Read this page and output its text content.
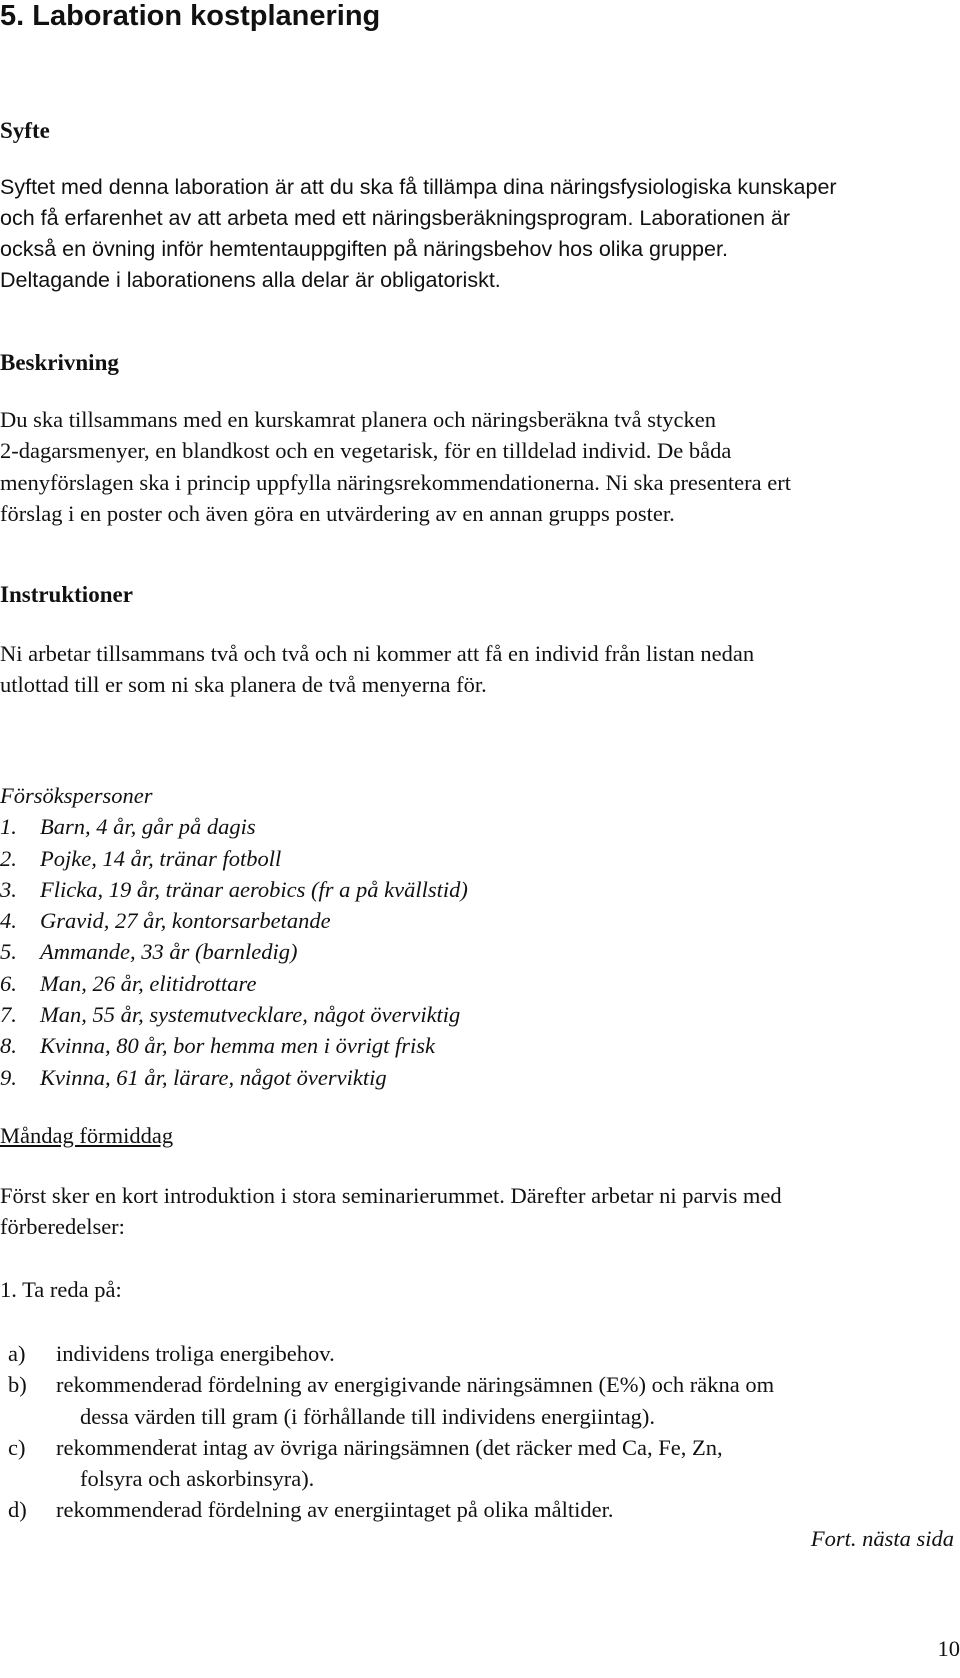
5. Laboration kostplanering
Syfte
Syftet med denna laboration är att du ska få tillämpa dina näringsfysiologiska kunskaper
och få erfarenhet av att arbeta med ett näringsberäkningsprogram. Laborationen är
också en övning inför hemtentauppgiften på näringsbehov hos olika grupper.
Deltagande i laborationens alla delar är obligatoriskt.
Beskrivning
Du ska tillsammans med en kurskamrat planera och näringsberäkna två stycken
2-dagarsmenyer, en blandkost och en vegetarisk, för en tilldelad individ. De båda
menyförslagen ska i princip uppfylla näringsrekommendationerna. Ni ska presentera ert
förslag i en poster och även göra en utvärdering av en annan grupps poster.
Instruktioner
Ni arbetar tillsammans två och två och ni kommer att få en individ från listan nedan
utlottad till er som ni ska planera de två menyerna för.
Försökspersoner
1. Barn, 4 år, går på dagis
2. Pojke, 14 år, tränar fotboll
3. Flicka, 19 år, tränar aerobics (fr a på kvällstid)
4. Gravid, 27 år, kontorsarbetande
5. Ammande, 33 år (barnledig)
6. Man, 26 år, elitidrottare
7. Man, 55 år, systemutvecklare, något överviktig
8. Kvinna, 80 år, bor hemma men i övrigt frisk
9. Kvinna, 61 år, lärare, något överviktig
Måndag förmiddag
Först sker en kort introduktion i stora seminarierummet. Därefter arbetar ni parvis med
förberedelser:
1. Ta reda på:
a) individens troliga energibehov.
b) rekommenderad fördelning av energigivande näringsämnen (E%) och räkna om
dessa värden till gram (i förhållande till individens energiintag).
c) rekommenderat intag av övriga näringsämnen (det räcker med Ca, Fe, Zn,
folsyra och askorbinsyra).
d) rekommenderad fördelning av energiintaget på olika måltider.
Fort. nästa sida
10
